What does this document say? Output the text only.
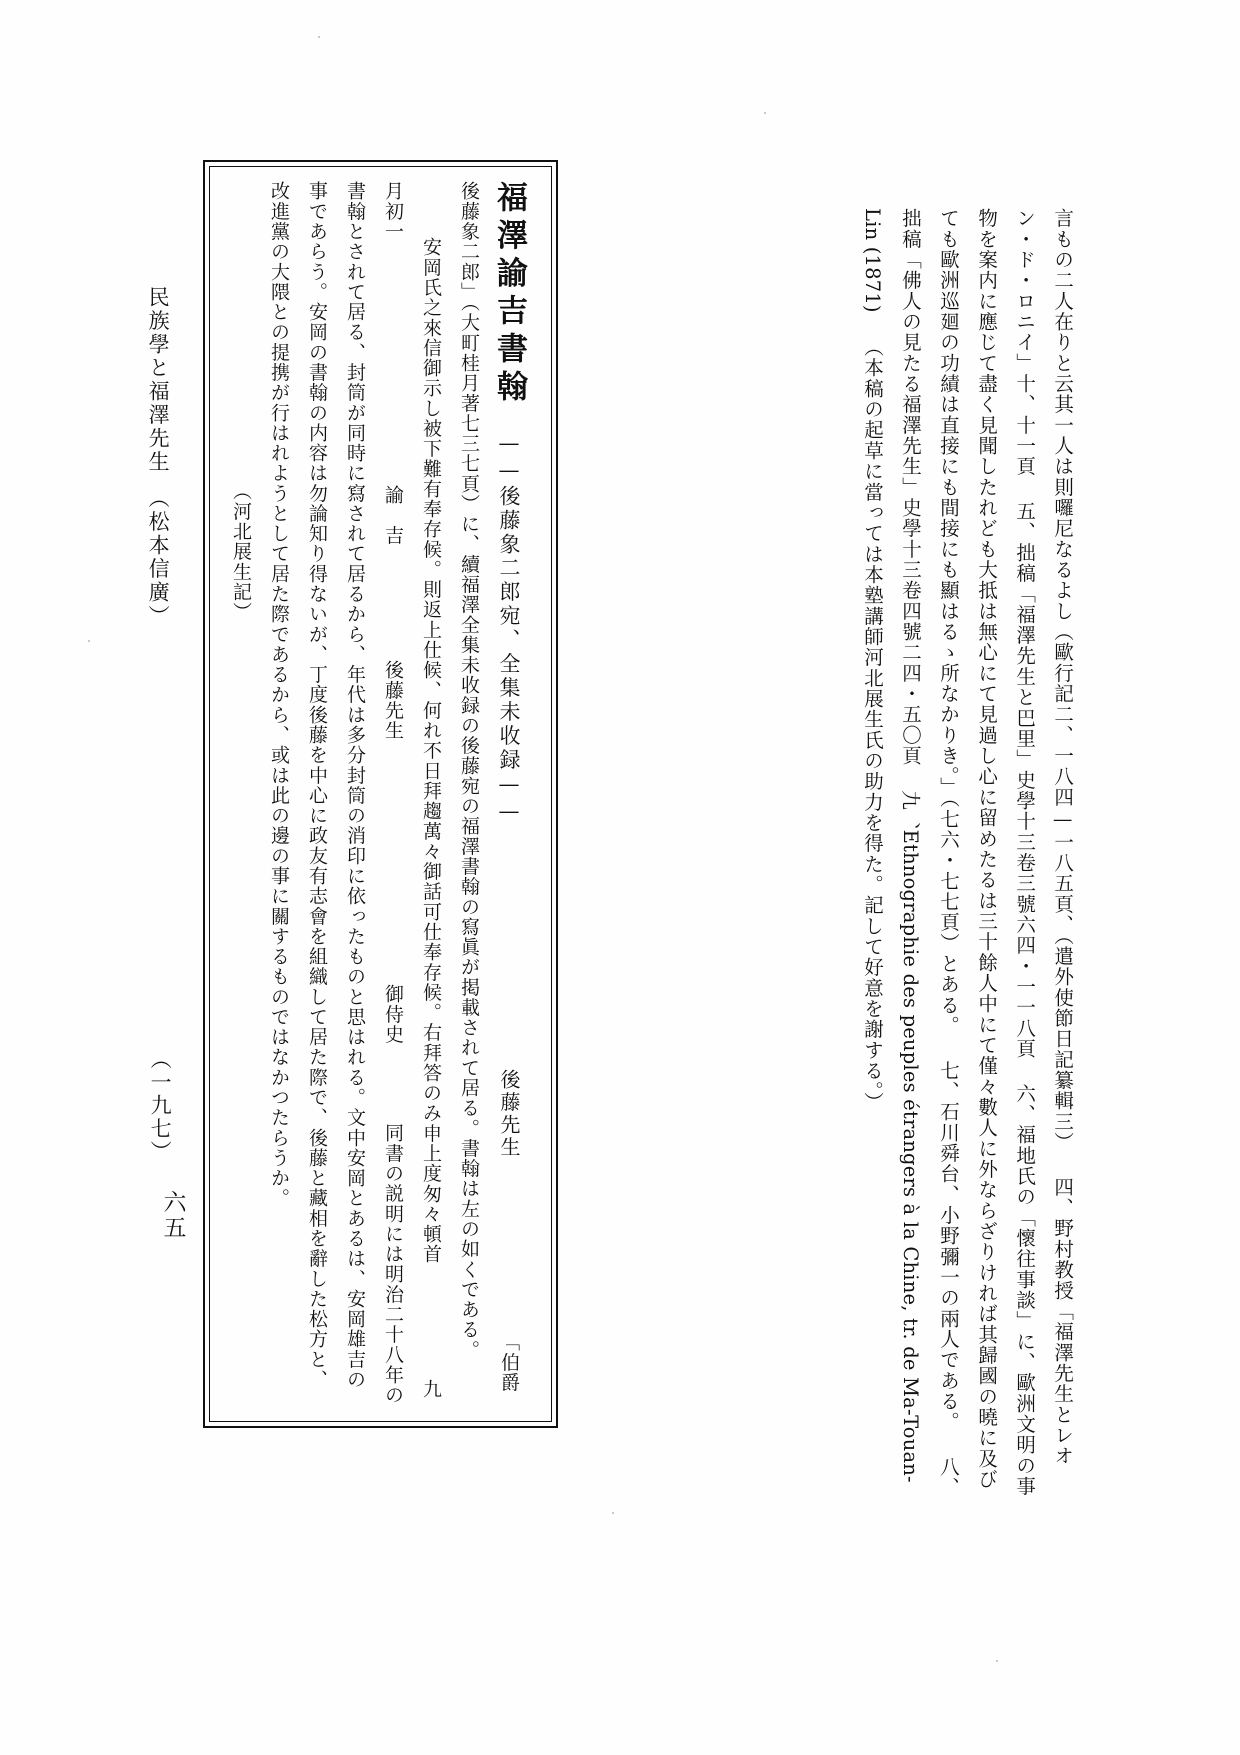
言もの二人在りと云其一人は則囉尼なるよし（歐行記二、一八四—一八五頁、（遣外使節日記纂輯三） 四、野村教授「福澤先生とレオン・ド・ロニイ」十、十一頁 五、拙稿「福澤先生と巴里」史學十三卷三號六四・一一八頁 六、福地氏の「懷往事談」に、歐洲文明の事物を案内に應じて盡く見聞したれども大抵は無心にて見過し心に留めたるは三十餘人中にて僅々數人に外ならざりければ其歸國の曉に及びても歐洲巡廻の功績は直接にも間接にも顯はるゝ所なかりき。」（七六・七七頁）とある。 七、石川舜台、小野彌一の兩人である。 八、拙稿「佛人の見たる福澤先生」史學十三卷四號二四・五〇頁 九、Ethnographie des peuples étrangers à la Chine, tr. de Ma-Touan-Lin (1871) （本稿の起草に當っては本塾講師河北展生氏の助力を得た。記して好意を謝する。）
福澤諭吉書翰 ——後藤象二郎宛、全集未收録—— 後藤先生 「伯爵後藤象二郎」（大町桂月著七三七頁）に、續福澤全集未收録の後藤宛の福澤書翰の寫眞が掲載されて居る。書翰は左の如くである。 安岡氏之來信御示し被下難有奉存候。則返上仕候、何れ不日拜趨萬々御話可仕奉存候。右拜答のみ申上度匆々頓首 九月初一 諭　吉 後藤先生 御侍史 同書の説明には明治二十八年の書翰とされて居る、封筒が同時に寫されて居るから、年代は多分封筒の消印に依ったものと思はれる。文中安岡とあるは、安岡雄吉の事であらう。安岡の書翰の内容は勿論知り得ないが、丁度後藤を中心に政友有志會を組織して居た際で、後藤と藏相を辭した松方と、改進黨の大隈との提携が行はれようとして居た際であるから、或は此の邊の事に關するものではなかつたらうか。 （河北展生記）
民族學と福澤先生　（松本信廣）
（一九七）
六五
